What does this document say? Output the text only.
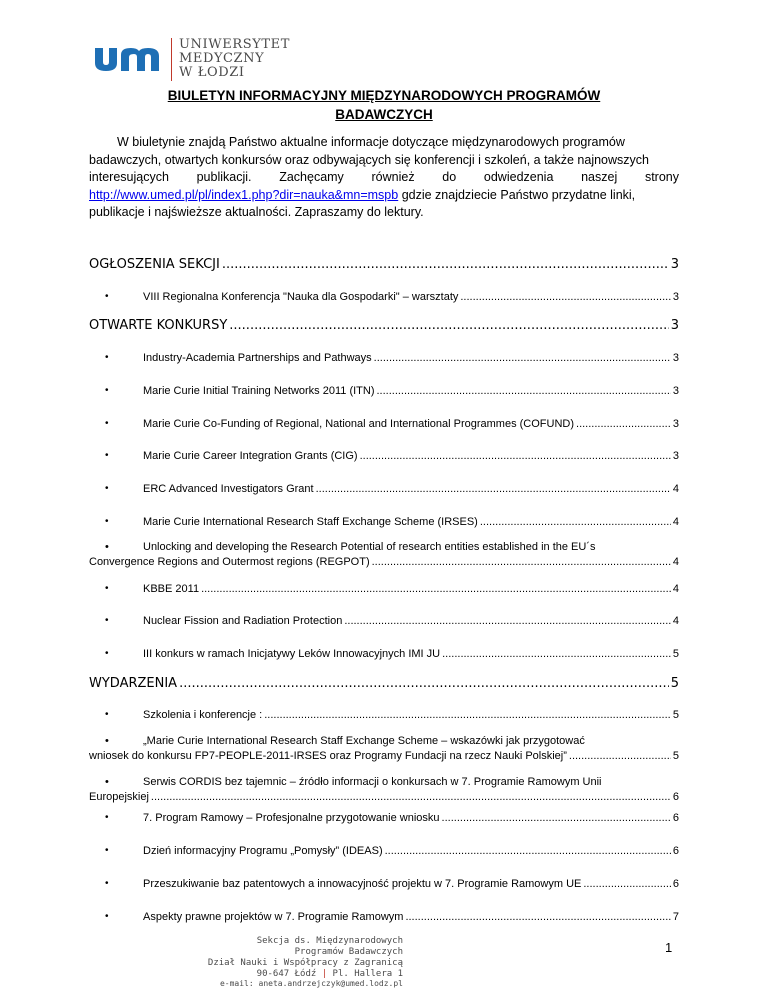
UNIWERSYTET
MEDYCZNY
W ŁODZI
BIULETYN INFORMACYJNY MIĘDZYNARODOWYCH PROGRAMÓW
BADAWCZYCH
W biuletynie znajdą Państwo aktualne informacje dotyczące międzynarodowych programów
badawczych, otwartych konkursów oraz odbywających się konferencji i szkoleń, a także najnowszych
interesujących publikacji. Zachęcamy również do odwiedzenia naszej strony
http://www.umed.pl/pl/index1.php?dir=nauka&mn=mspb gdzie znajdziecie Państwo przydatne linki,
publikacje i najświeższe aktualności. Zapraszamy do lektury.
OGŁOSZENIA SEKCJI .....	3
•	VIII Regionalna Konferencja "Nauka dla Gospodarki" – warsztaty .....	3
OTWARTE KONKURSY .....	3
•	Industry-Academia Partnerships and Pathways .....	3
•	Marie Curie Initial Training Networks 2011 (ITN) .....	3
•	Marie Curie Co-Funding of Regional, National and International Programmes (COFUND) .....	3
•	Marie Curie Career Integration Grants (CIG) .....	3
•	ERC Advanced Investigators Grant .....	4
•	Marie Curie International Research Staff Exchange Scheme (IRSES) .....	4
•	Unlocking and developing the Research Potential of research entities established in the EU´s
Convergence Regions and Outermost regions (REGPOT) .....	4
•	KBBE 2011 .....	4
•	Nuclear Fission and Radiation Protection .....	4
•	III konkurs w ramach Inicjatywy Leków Innowacyjnych IMI JU .....	5
WYDARZENIA .....	5
•	Szkolenia i konferencje : .....	5
•	„Marie Curie International Research Staff Exchange Scheme – wskazówki jak przygotować
wniosek do konkursu FP7-PEOPLE-2011-IRSES oraz Programy Fundacji na rzecz Nauki Polskiej” .....	5
•	Serwis CORDIS bez tajemnic – źródło informacji o konkursach w 7. Programie Ramowym Unii
Europejskiej .....	6
•	7. Program Ramowy – Profesjonalne przygotowanie wniosku .....	6
•	Dzień informacyjny Programu „Pomysły” (IDEAS) .....	6
•	Przeszukiwanie baz patentowych a innowacyjność projektu w 7. Programie Ramowym UE .....	6
•	Aspekty prawne projektów w 7. Programie Ramowym .....	7
Sekcja ds. Międzynarodowych
Programów Badawczych
Dział Nauki i Współpracy z Zagranicą
90-647 Łódź | Pl. Hallera 1
e-mail: aneta.andrzejczyk@umed.lodz.pl
1
